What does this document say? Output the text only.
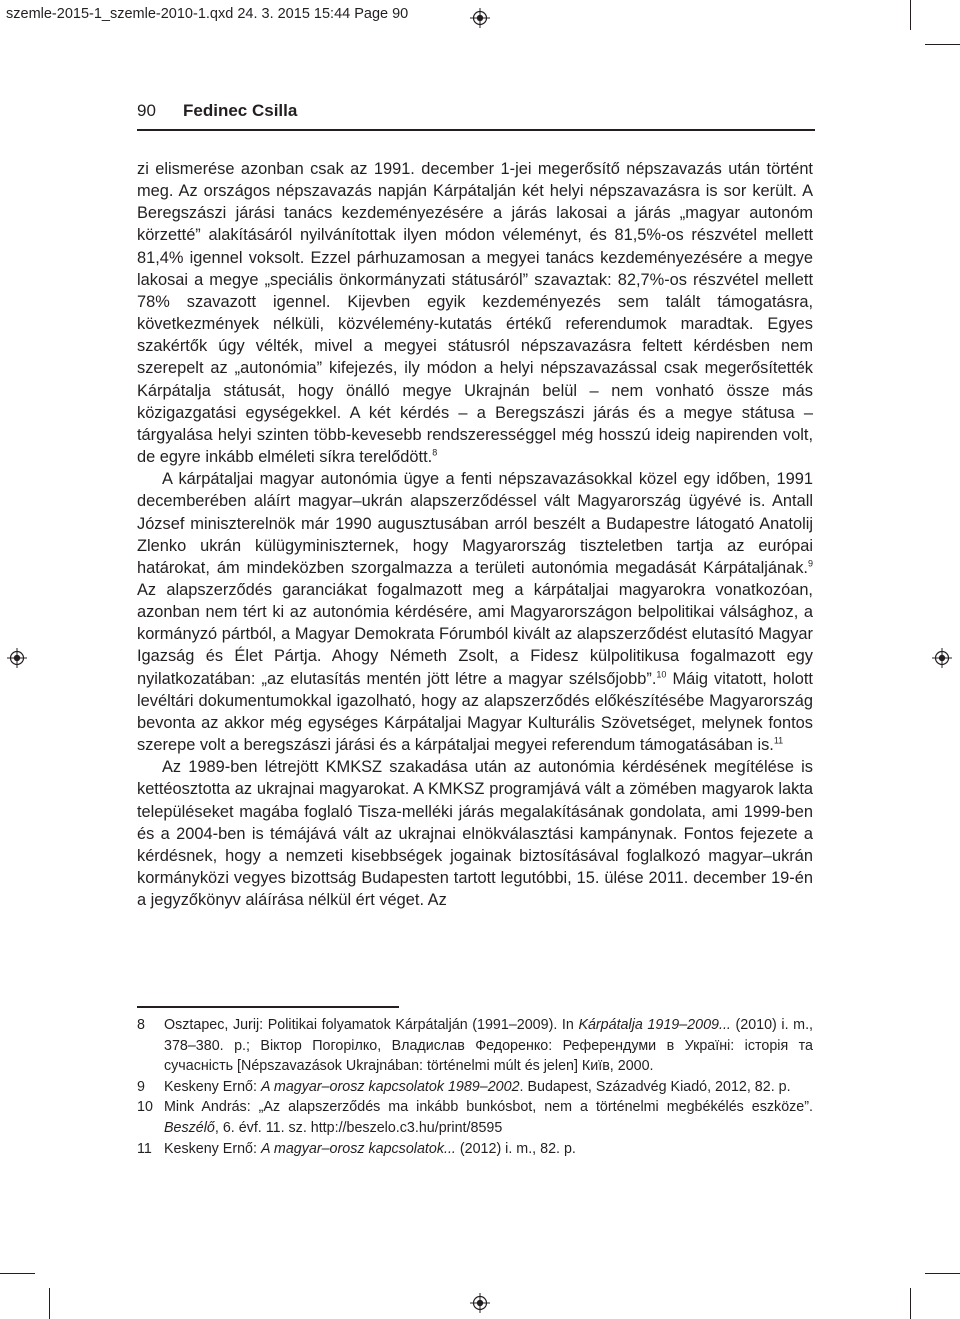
szemle-2015-1_szemle-2010-1.qxd 24. 3. 2015 15:44 Page 90
90 Fedinec Csilla

zi elismerése azonban csak az 1991. december 1-jei megerősítő népszavazás után történt meg. Az országos népszavazás napján Kárpátalján két helyi népszavazásra is sor került. A Beregszászi járási tanács kezdeményezésére a járás lakosai a járás „magyar autonóm körzetté” alakításáról nyilvánítottak ilyen módon véleményt, és 81,5%-os részvétel mellett 81,4% igennel voksolt. Ezzel párhuzamosan a megyei tanács kezdeményezésére a megye lakosai a megye „speciális önkormányzati státusáról” szavaztak: 82,7%-os részvétel mellett 78% szavazott igennel. Kijevben egyik kezdeményezés sem talált támogatásra, következmények nélküli, közvélemény-kutatás értékű referendumok maradtak. Egyes szakértők úgy vélték, mivel a megyei státusról népszavazásra feltett kérdésben nem szerepelt az „autonómia” kifejezés, ily módon a helyi népszavazással csak megerősítették Kárpátalja státusát, hogy önálló megye Ukrajnán belül – nem vonható össze más közigazgatási egységekkel. A két kérdés – a Beregszászi járás és a megye státusa – tárgyalása helyi szinten több-kevesebb rendszerességgel még hosszú ideig napirenden volt, de egyre inkább elméleti síkra terelődött.$^8$

A kárpátaljai magyar autonómia ügye a fenti népszavazásokkal közel egy időben, 1991 decemberében aláírt magyar–ukrán alapszerződéssel vált Magyarország ügyévé is. Antall József miniszterelnök már 1990 augusztusában arról beszélt a Budapestre látogató Anatolij Zlenko ukrán külügyminiszternek, hogy Magyarország tiszteletben tartja az európai határokat, ám mindeközben szorgalmazza a területi autonómia megadását Kárpátaljának.$^9$ Az alapszerződés garanciákat fogalmazott meg a kárpátaljai magyarokra vonatkozóan, azonban nem tért ki az autonómia kérdésére, ami Magyarországon belpolitikai válsághoz, a kormányzó pártból, a Magyar Demokrata Fórumból kivált az alapszerződést elutasító Magyar Igazság és Élet Pártja. Ahogy Németh Zsolt, a Fidesz külpolitikusa fogalmazott egy nyilatkozatában: „az elutasítás mentén jött létre a magyar szélsőjobb”.$^{10}$ Máig vitatott, holott levéltári dokumentumokkal igazolható, hogy az alapszerződés előkészítésébe Magyarország bevonta az akkor még egységes Kárpátaljai Magyar Kulturális Szövetséget, melynek fontos szerepe volt a beregszászi járási és a kárpátaljai megyei referendum támogatásában is.$^{11}$

Az 1989-ben létrejött KMKSZ szakadása után az autonómia kérdésének megítélése is kettéosztotta az ukrajnai magyarokat. A KMKSZ programjává vált a zömében magyarok lakta településeket magába foglaló Tisza-melléki járás megalakításának gondolata, ami 1999-ben és a 2004-ben is témájává vált az ukrajnai elnökválasztási kampánynak. Fontos fejezete a kérdésnek, hogy a nemzeti kisebbségek jogainak biztosításával foglalkozó magyar–ukrán kormányközi vegyes bizottság Budapesten tartott legutóbbi, 15. ülése 2011. december 19-én a jegyzőkönyv aláírása nélkül ért véget. Az

8	Osztapec, Jurij: Politikai folyamatok Kárpátalján (1991–2009). In Kárpátalja 1919–2009... (2010) i. m., 378–380. p.; Віктор Погорілко, Владислав Федоренко: Референдуми в Україні: історія та сучасність [Népszavazások Ukrajnában: történelmi múlt és jelen] Київ, 2000.
9	Keskeny Ernő: A magyar–orosz kapcsolatok 1989–2002. Budapest, Századvég Kiadó, 2012, 82. p.
10 Mink András: „Az alapszerződés ma inkább bunkósbot, nem a történelmi megbékélés eszköze”. Beszélő, 6. évf. 11. sz. http://beszelo.c3.hu/print/8595
11 Keskeny Ernő: A magyar–orosz kapcsolatok... (2012) i. m., 82. p.
